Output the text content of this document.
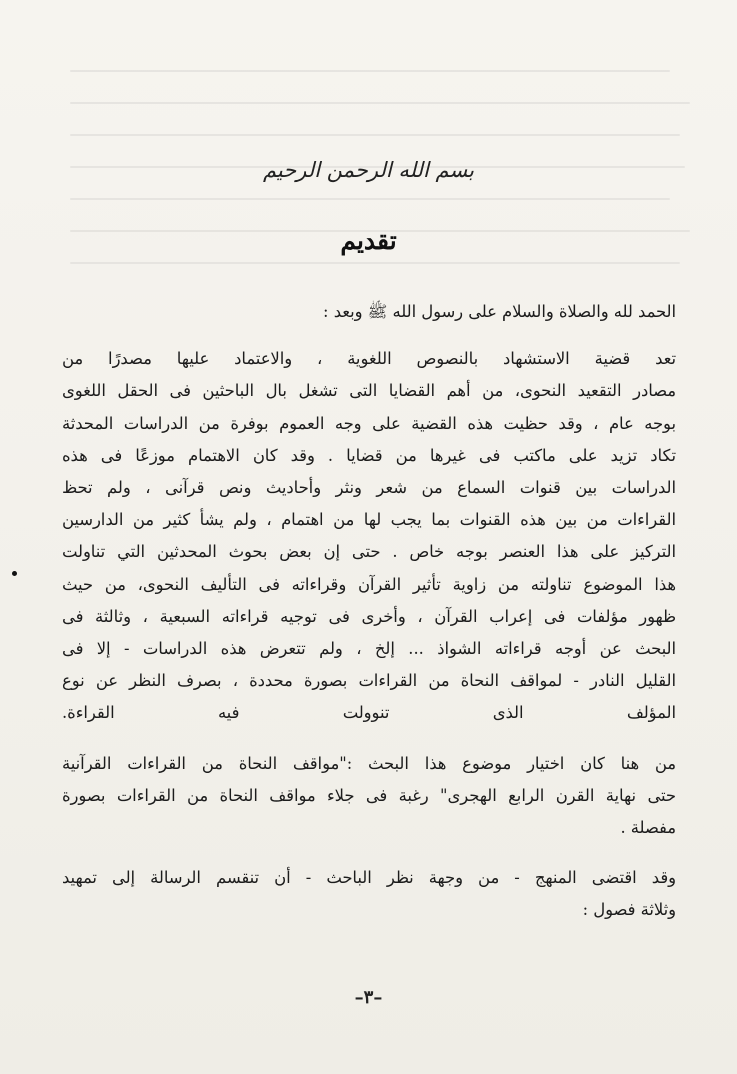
بسم الله الرحمن الرحيم
تقديم

الحمد لله والصلاة والسلام على رسول الله ﷺ وبعد :

تعد قضية الاستشهاد بالنصوص اللغوية ، والاعتماد عليها مصدرًا من
مصادر التقعيد النحوى، من أهم القضايا التى تشغل بال الباحثين فى الحقل اللغوى
بوجه عام ، وقد حظيت هذه القضية على وجه العموم بوفرة من الدراسات المحدثة
تكاد تزيد على ماكتب فى غيرها من قضايا . وقد كان الاهتمام موزعًا فى هذه
الدراسات بين قنوات السماع من شعر ونثر وأحاديث ونص قرآنى ، ولم تحظ
القراءات من بين هذه القنوات بما يجب لها من اهتمام ، ولم يشأ كثير من الدارسين
التركيز على هذا العنصر بوجه خاص . حتى إن بعض بحوث المحدثين التي تناولت
هذا الموضوع تناولته من زاوية تأثير القرآن وقراءاته فى التأليف النحوى، من حيث
ظهور مؤلفات فى إعراب القرآن ، وأخرى فى توجيه قراءاته السبعية ، وثالثة فى
البحث عن أوجه قراءاته الشواذ ... إلخ ، ولم تتعرض هذه الدراسات - إلا فى
القليل النادر - لمواقف النحاة من القراءات بصورة محددة ، بصرف النظر عن نوع
المؤلف الذى تنوولت فيه القراءة.

من هنا كان اختيار موضوع هذا البحث :"مواقف النحاة من القراءات القرآنية
حتى نهاية القرن الرابع الهجرى" رغبة فى جلاء مواقف النحاة من القراءات بصورة
مفصلة .

وقد اقتضى المنهج - من وجهة نظر الباحث - أن تنقسم الرسالة إلى تمهيد
وثلاثة فصول :

–٣–
